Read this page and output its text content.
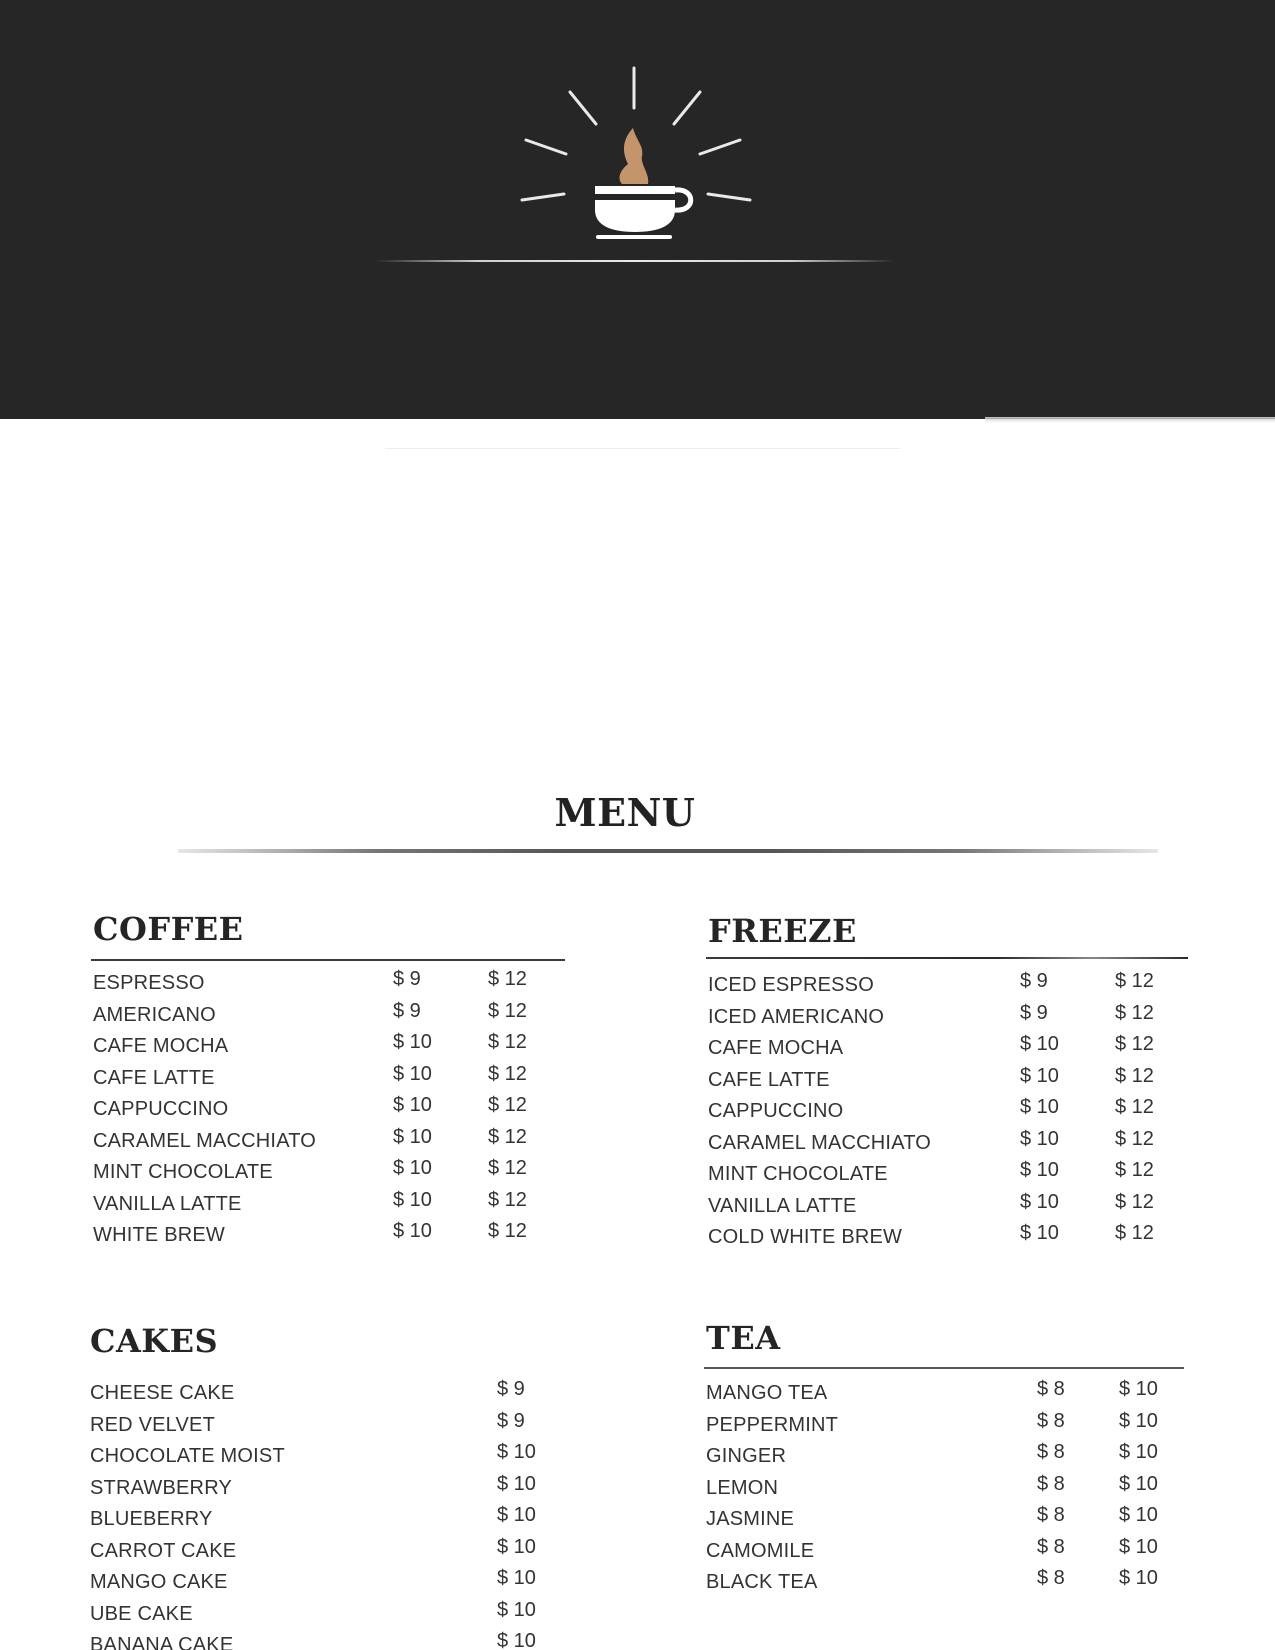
MENU
COFFEE
ESPRESSO	$ 9	$ 12
AMERICANO	$ 9	$ 12
CAFE MOCHA	$ 10	$ 12
CAFE LATTE	$ 10	$ 12
CAPPUCCINO	$ 10	$ 12
CARAMEL MACCHIATO	$ 10	$ 12
MINT CHOCOLATE	$ 10	$ 12
VANILLA LATTE	$ 10	$ 12
WHITE BREW	$ 10	$ 12
FREEZE
ICED ESPRESSO	$ 9	$ 12
ICED AMERICANO	$ 9	$ 12
CAFE MOCHA	$ 10	$ 12
CAFE LATTE	$ 10	$ 12
CAPPUCCINO	$ 10	$ 12
CARAMEL MACCHIATO	$ 10	$ 12
MINT CHOCOLATE	$ 10	$ 12
VANILLA LATTE	$ 10	$ 12
COLD WHITE BREW	$ 10	$ 12
CAKES
CHEESE CAKE	$ 9
RED VELVET	$ 9
CHOCOLATE MOIST	$ 10
STRAWBERRY	$ 10
BLUEBERRY	$ 10
CARROT CAKE	$ 10
MANGO CAKE	$ 10
UBE CAKE	$ 10
BANANA CAKE	$ 10
TEA
MANGO TEA	$ 8	$ 10
PEPPERMINT	$ 8	$ 10
GINGER	$ 8	$ 10
LEMON	$ 8	$ 10
JASMINE	$ 8	$ 10
CAMOMILE	$ 8	$ 10
BLACK TEA	$ 8	$ 10
